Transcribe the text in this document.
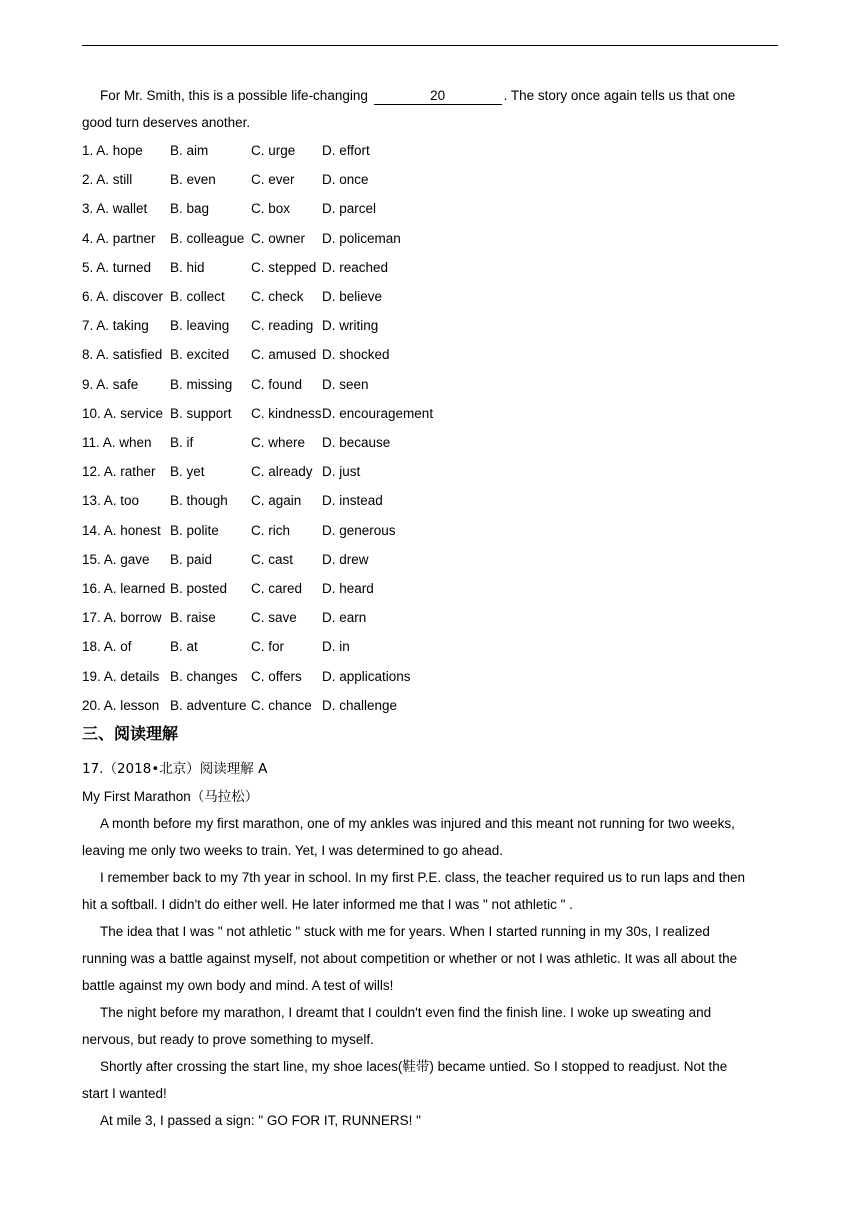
For Mr. Smith, this is a possible life-changing	20	. The story once again tells us that one
good turn deserves another.
1. A. hope B. aim	C. urge D. effort
2. A. still	B. even	C. ever D. once
3. A. wallet B. bag	C. box D. parcel
4. A. partner B. colleague C. owner D. policeman
5. A. turned B. hid	C. stepped D. reached
6. A. discover B. collect C. check D. believe
7. A. taking B. leaving C. reading D. writing
8. A. satisfied B. excited C. amused D. shocked
9. A. safe B. missing C. found D. seen
10. A. service B. support C. kindness D. encouragement
11. A. when B. if	C. where D. because
12. A. rather B. yet	C. already D. just
13. A. too B. though C. again D. instead
14. A. honest B. polite C. rich D. generous
15. A. gave B. paid	C. cast D. drew
16. A. learned B. posted C. cared D. heard
17. A. borrow B. raise	C. save D. earn
18. A. of	B. at	C. for	D. in
19. A. details B. changes C. offers D. applications
20. A. lesson B. adventure C. chance D. challenge
三、阅读理解
17.（2018•北京）阅读理解 A
My First Marathon（马拉松）
A month before my first marathon, one of my ankles was injured and this meant not running for two weeks,
leaving me only two weeks to train. Yet, I was determined to go ahead.
I remember back to my 7th year in school. In my first P.E. class, the teacher required us to run laps and then
hit a softball. I didn't do either well. He later informed me that I was " not athletic " .
The idea that I was " not athletic " stuck with me for years. When I started running in my 30s, I realized
running was a battle against myself, not about competition or whether or not I was athletic. It was all about the
battle against my own body and mind. A test of wills!
The night before my marathon, I dreamt that I couldn't even find the finish line. I woke up sweating and
nervous, but ready to prove something to myself.
Shortly after crossing the start line, my shoe laces(鞋带) became untied. So I stopped to readjust. Not the
start I wanted!
At mile 3, I passed a sign: " GO FOR IT, RUNNERS! "
